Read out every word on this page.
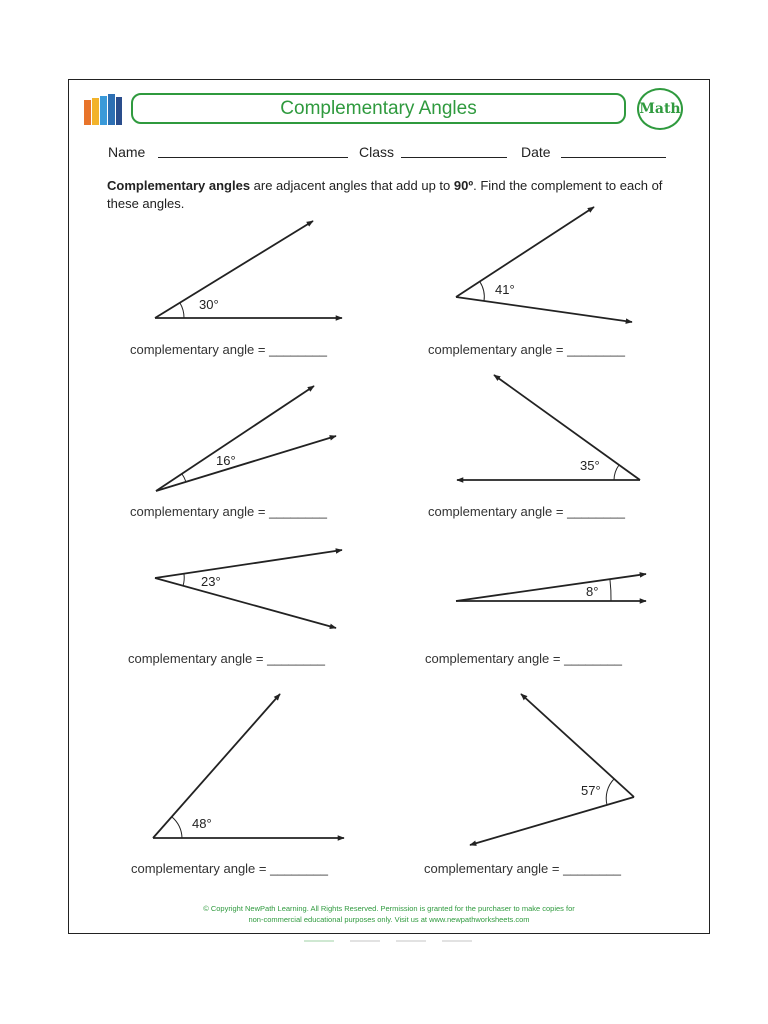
Complementary Angles	Math
Name	Class	Date
Complementary angles are adjacent angles that add up to 90º. Find the complement to each of these angles.
30°
41°
16°	35°
23°
8°
48°
57°
complementary angle = ________	complementary angle = ________
complementary angle = ________	complementary angle = ________
complementary angle = ________	complementary angle = ________
complementary angle = ________	complementary angle = ________
© Copyright NewPath Learning. All Rights Reserved. Permission is granted for the purchaser to make copies for
non-commercial educational purposes only. Visit us at www.newpathworksheets.com
